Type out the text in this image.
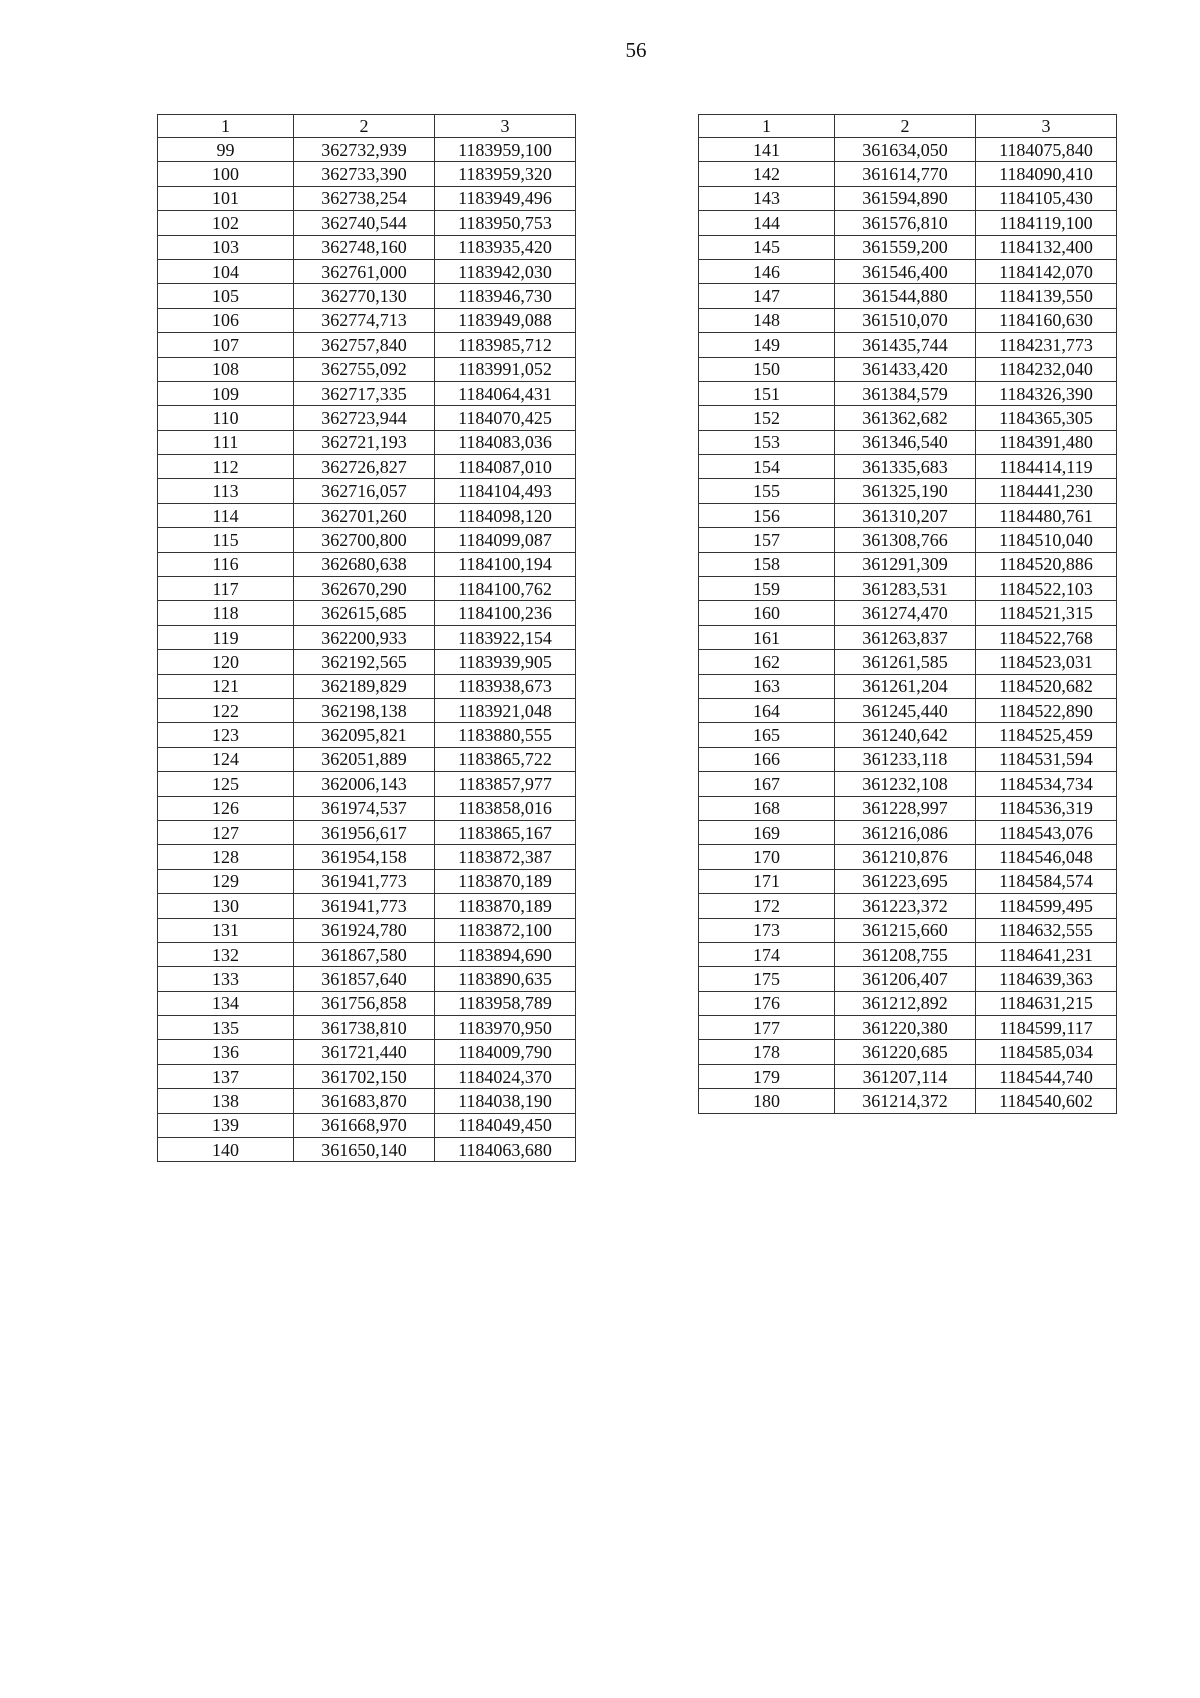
56
1	2	3
99	362732,939	1183959,100
100	362733,390	1183959,320
101	362738,254	1183949,496
102	362740,544	1183950,753
103	362748,160	1183935,420
104	362761,000	1183942,030
105	362770,130	1183946,730
106	362774,713	1183949,088
107	362757,840	1183985,712
108	362755,092	1183991,052
109	362717,335	1184064,431
110	362723,944	1184070,425
111	362721,193	1184083,036
112	362726,827	1184087,010
113	362716,057	1184104,493
114	362701,260	1184098,120
115	362700,800	1184099,087
116	362680,638	1184100,194
117	362670,290	1184100,762
118	362615,685	1184100,236
119	362200,933	1183922,154
120	362192,565	1183939,905
121	362189,829	1183938,673
122	362198,138	1183921,048
123	362095,821	1183880,555
124	362051,889	1183865,722
125	362006,143	1183857,977
126	361974,537	1183858,016
127	361956,617	1183865,167
128	361954,158	1183872,387
129	361941,773	1183870,189
130	361941,773	1183870,189
131	361924,780	1183872,100
132	361867,580	1183894,690
133	361857,640	1183890,635
134	361756,858	1183958,789
135	361738,810	1183970,950
136	361721,440	1184009,790
137	361702,150	1184024,370
138	361683,870	1184038,190
139	361668,970	1184049,450
140	361650,140	1184063,680
1	2	3
141	361634,050	1184075,840
142	361614,770	1184090,410
143	361594,890	1184105,430
144	361576,810	1184119,100
145	361559,200	1184132,400
146	361546,400	1184142,070
147	361544,880	1184139,550
148	361510,070	1184160,630
149	361435,744	1184231,773
150	361433,420	1184232,040
151	361384,579	1184326,390
152	361362,682	1184365,305
153	361346,540	1184391,480
154	361335,683	1184414,119
155	361325,190	1184441,230
156	361310,207	1184480,761
157	361308,766	1184510,040
158	361291,309	1184520,886
159	361283,531	1184522,103
160	361274,470	1184521,315
161	361263,837	1184522,768
162	361261,585	1184523,031
163	361261,204	1184520,682
164	361245,440	1184522,890
165	361240,642	1184525,459
166	361233,118	1184531,594
167	361232,108	1184534,734
168	361228,997	1184536,319
169	361216,086	1184543,076
170	361210,876	1184546,048
171	361223,695	1184584,574
172	361223,372	1184599,495
173	361215,660	1184632,555
174	361208,755	1184641,231
175	361206,407	1184639,363
176	361212,892	1184631,215
177	361220,380	1184599,117
178	361220,685	1184585,034
179	361207,114	1184544,740
180	361214,372	1184540,602
